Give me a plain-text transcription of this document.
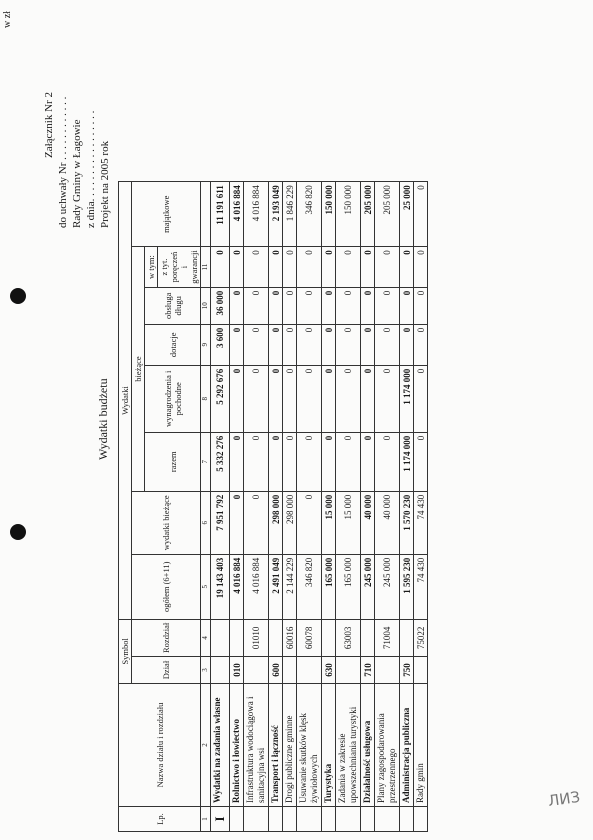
Załącznik Nr 2 do uchwały Nr . . . . . . . . . . . . Rady Gminy w Łagowie z dnia. . . . . . . . . . . . . . . . . Projekt na 2005 rok
Wydatki budżetu
w zł
Lp.	Nazwa działu i rozdziału	Symbol		Wydatki							
		Dział	Rozdział	ogółem (6+11)	wydatki bieżące	bieżące					majątkowe
						razem	wynagrodzenia i pochodne	dotacje	obsługa długu	w tym:	
										z tyt. poręczeń i gwarancji	
1	2	3	4	5	6	7	8	9	10	11	
I	Wydatki na zadania własne			19 143 403	7 951 792	5 332 276	5 292 676	3 600	36 000	0	11 191 611
	Rolnictwo i łowiectwo	010		4 016 884	0	0	0	0	0	0	4 016 884
	Infrastruktura wodociągowa i sanitacyjna wsi		01010	4 016 884	0	0	0	0	0	0	4 016 884
	Transport i łączność	600		2 491 049	298 000	0	0	0	0	0	2 193 049
	Drogi publiczne gminne		60016	2 144 229	298 000	0	0	0	0	0	1 846 229
	Usuwanie skutków klęsk żywiołowych		60078	346 820	0	0	0	0	0	0	346 820
	Turystyka	630		165 000	15 000	0	0	0	0	0	150 000
	Zadania w zakresie upowszechniania turystyki		63003	165 000	15 000	0	0	0	0	0	150 000
	Działalność usługowa	710		245 000	40 000	0	0	0	0	0	205 000
	Plany zagospodarowania przestrzennego		71004	245 000	40 000	0	0	0	0	0	205 000
	Administracja publiczna	750		1 595 230	1 570 230	1 174 000	1 174 000	0	0	0	25 000
	Rady gmin		75022	74 430	74 430	0	0	0	0	0	0
ЛИЗ
